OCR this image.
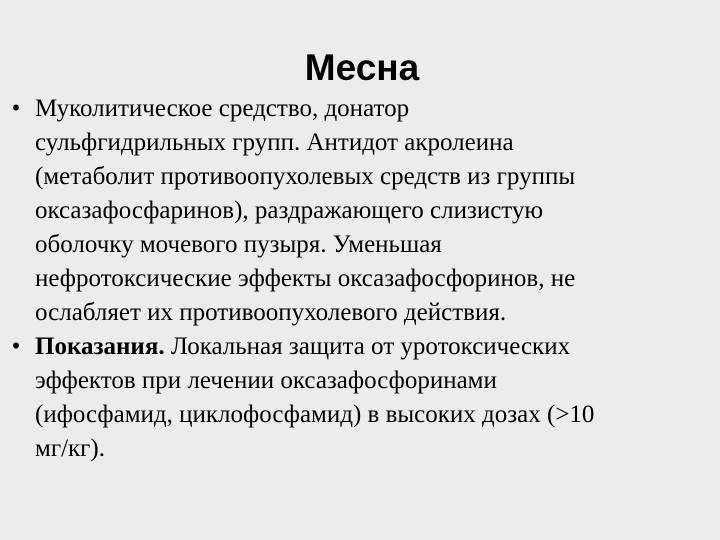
Месна
• Муколитическое средство, донатор
сульфгидрильных групп. Антидот акролеина
(метаболит противоопухолевых средств из группы
оксазафосфаринов), раздражающего слизистую
оболочку мочевого пузыря. Уменьшая
нефротоксические эффекты оксазафосфоринов, не
ослабляет их противоопухолевого действия.
• Показания. Локальная защита от уротоксических
эффектов при лечении оксазафосфоринами
(ифосфамид, циклофосфамид) в высоких дозах (>10
мг/кг).
